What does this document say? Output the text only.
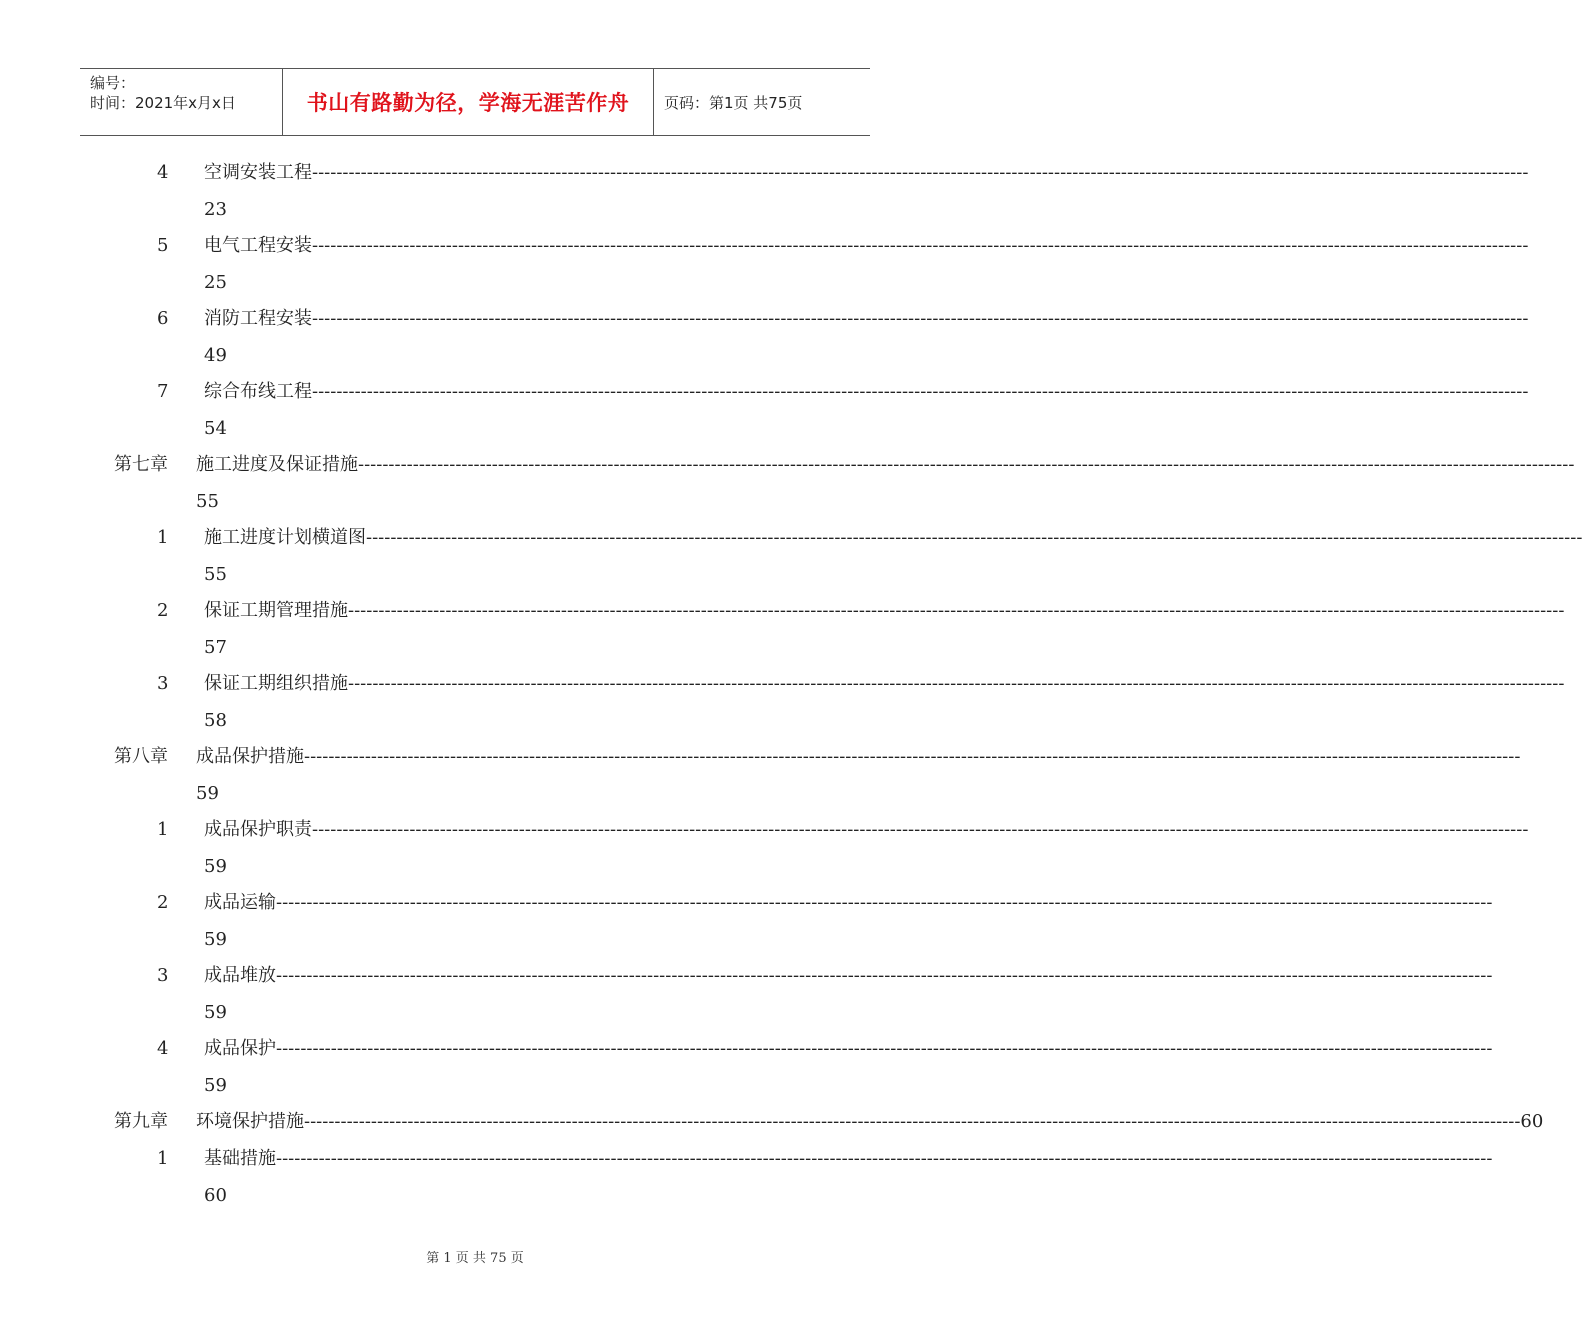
编号：
时间：2021年x月x日	书山有路勤为径，学海无涯苦作舟	页码：第1页 共75页
4 空调安装工程 --------------------------------------------------------------------------------------------------------------------------------------------------------------------------------------------------------
23
5 电气工程安装 --------------------------------------------------------------------------------------------------------------------------------------------------------------------------------------------------------
25
6 消防工程安装 --------------------------------------------------------------------------------------------------------------------------------------------------------------------------------------------------------
49
7 综合布线工程 --------------------------------------------------------------------------------------------------------------------------------------------------------------------------------------------------------
54
第七章 施工进度及保证措施 --------------------------------------------------------------------------------------------------------------------------------------------------------------------------------------------------------
55
1 施工进度计划横道图 --------------------------------------------------------------------------------------------------------------------------------------------------------------------------------------------------------
55
2 保证工期管理措施 --------------------------------------------------------------------------------------------------------------------------------------------------------------------------------------------------------
57
3 保证工期组织措施 --------------------------------------------------------------------------------------------------------------------------------------------------------------------------------------------------------
58
第八章 成品保护措施 --------------------------------------------------------------------------------------------------------------------------------------------------------------------------------------------------------
59
1 成品保护职责 --------------------------------------------------------------------------------------------------------------------------------------------------------------------------------------------------------
59
2 成品运输 --------------------------------------------------------------------------------------------------------------------------------------------------------------------------------------------------------
59
3 成品堆放 --------------------------------------------------------------------------------------------------------------------------------------------------------------------------------------------------------
59
4 成品保护 --------------------------------------------------------------------------------------------------------------------------------------------------------------------------------------------------------
59
第九章 环境保护措施 -------------------------------------------------------------------------------------------------------------------------------------------------------------------------------------------------------- 60
1 基础措施 --------------------------------------------------------------------------------------------------------------------------------------------------------------------------------------------------------
60
第 1 页 共 75 页
